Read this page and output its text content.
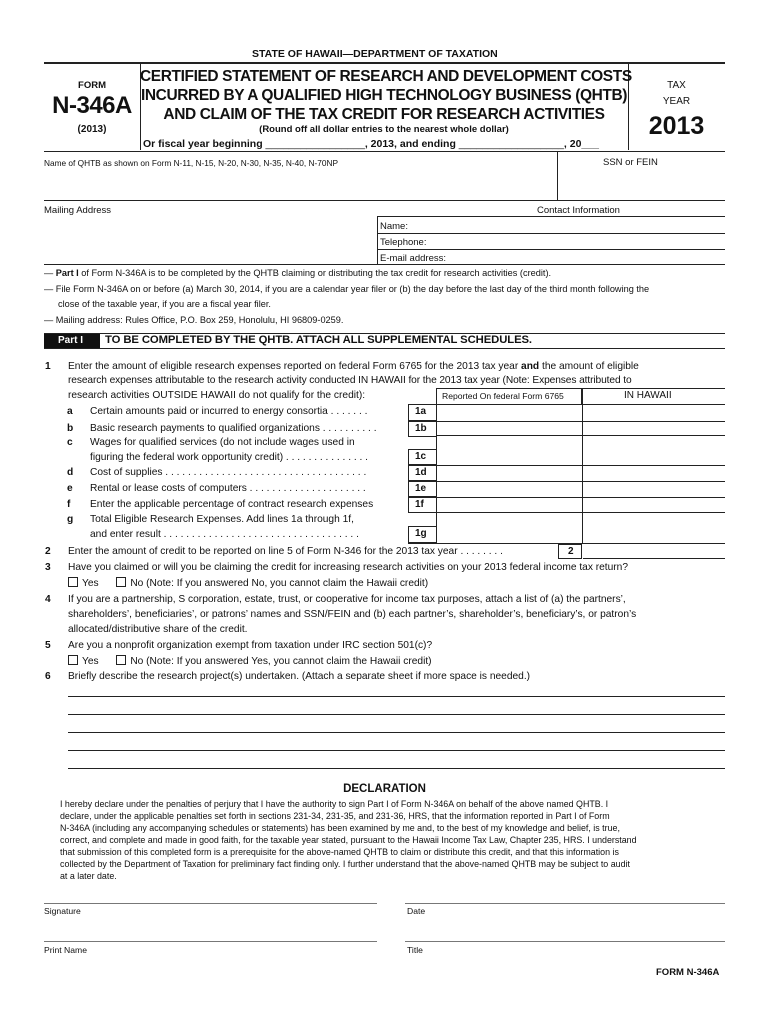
STATE OF HAWAII—DEPARTMENT OF TAXATION
FORM
N-346A
(2013)
CERTIFIED STATEMENT OF RESEARCH AND DEVELOPMENT COSTS
INCURRED BY A QUALIFIED HIGH TECHNOLOGY BUSINESS (QHTB)
AND CLAIM OF THE TAX CREDIT FOR RESEARCH ACTIVITIES
(Round off all dollar entries to the nearest whole dollar)
TAX
YEAR
2013
Or fiscal year beginning _________________, 2013, and ending __________________, 20___
Name of QHTB as shown on Form N-11, N-15, N-20, N-30, N-35, N-40, N-70NP	SSN or FEIN
Mailing Address	Contact Information
Name:
Telephone:
E-mail address:
— Part I of Form N-346A is to be completed by the QHTB claiming or distributing the tax credit for research activities (credit).
— File Form N-346A on or before (a) March 30, 2014, if you are a calendar year filer or (b) the day before the last day of the third month following the
close of the taxable year, if you are a fiscal year filer.
— Mailing address: Rules Office, P.O. Box 259, Honolulu, HI 96809-0259.
Part I TO BE COMPLETED BY THE QHTB. ATTACH ALL SUPPLEMENTAL SCHEDULES.
1 Enter the amount of eligible research expenses reported on federal Form 6765 for the 2013 tax year and the amount of eligible
research expenses attributable to the research activity conducted IN HAWAII for the 2013 tax year (Note: Expenses attributed to
research activities OUTSIDE HAWAII do not qualify for the credit):	Reported On federal Form 6765	IN HAWAII
a Certain amounts paid or incurred to energy consortia . . . . . . .	1a
b Basic research payments to qualified organizations . . . . . . . . . .	1b
c Wages for qualified services (do not include wages used in
figuring the federal work opportunity credit) . . . . . . . . . . . . . . .	1c
d Cost of supplies . . . . . . . . . . . . . . . . . . . . . . . . . . . . . . . . . . . .	1d
e Rental or lease costs of computers . . . . . . . . . . . . . . . . . . . . .	1e
f Enter the applicable percentage of contract research expenses	1f
g Total Eligible Research Expenses. Add lines 1a through 1f,
and enter result . . . . . . . . . . . . . . . . . . . . . . . . . . . . . . . . . . .	1g
2 Enter the amount of credit to be reported on line 5 of Form N-346 for the 2013 tax year . . . . . . . .	2
3 Have you claimed or will you be claiming the credit for increasing research activities on your 2013 federal income tax return?
Yes	No (Note: If you answered No, you cannot claim the Hawaii credit)
4 If you are a partnership, S corporation, estate, trust, or cooperative for income tax purposes, attach a list of (a) the partners’,
shareholders’, beneficiaries’, or patrons’ names and SSN/FEIN and (b) each partner’s, shareholder’s, beneficiary’s, or patron’s
allocated/distributive share of the credit.
5 Are you a nonprofit organization exempt from taxation under IRC section 501(c)?
Yes	No (Note: If you answered Yes, you cannot claim the Hawaii credit)
6 Briefly describe the research project(s) undertaken. (Attach a separate sheet if more space is needed.)
DECLARATION
I hereby declare under the penalties of perjury that I have the authority to sign Part I of Form N-346A on behalf of the above named QHTB. I
declare, under the applicable penalties set forth in sections 231-34, 231-35, and 231-36, HRS, that the information reported in Part I of Form
N-346A (including any accompanying schedules or statements) has been examined by me and, to the best of my knowledge and belief, is true,
correct, and complete and made in good faith, for the taxable year stated, pursuant to the Hawaii Income Tax Law, Chapter 235, HRS. I understand
that submission of this completed form is a prerequisite for the above-named QHTB to claim or distribute this credit, and that this information is
collected by the Department of Taxation for preliminary fact finding only. I further understand that the above-named QHTB may be subject to audit
at a later date.
Signature	Date
Print Name	Title
FORM N-346A
